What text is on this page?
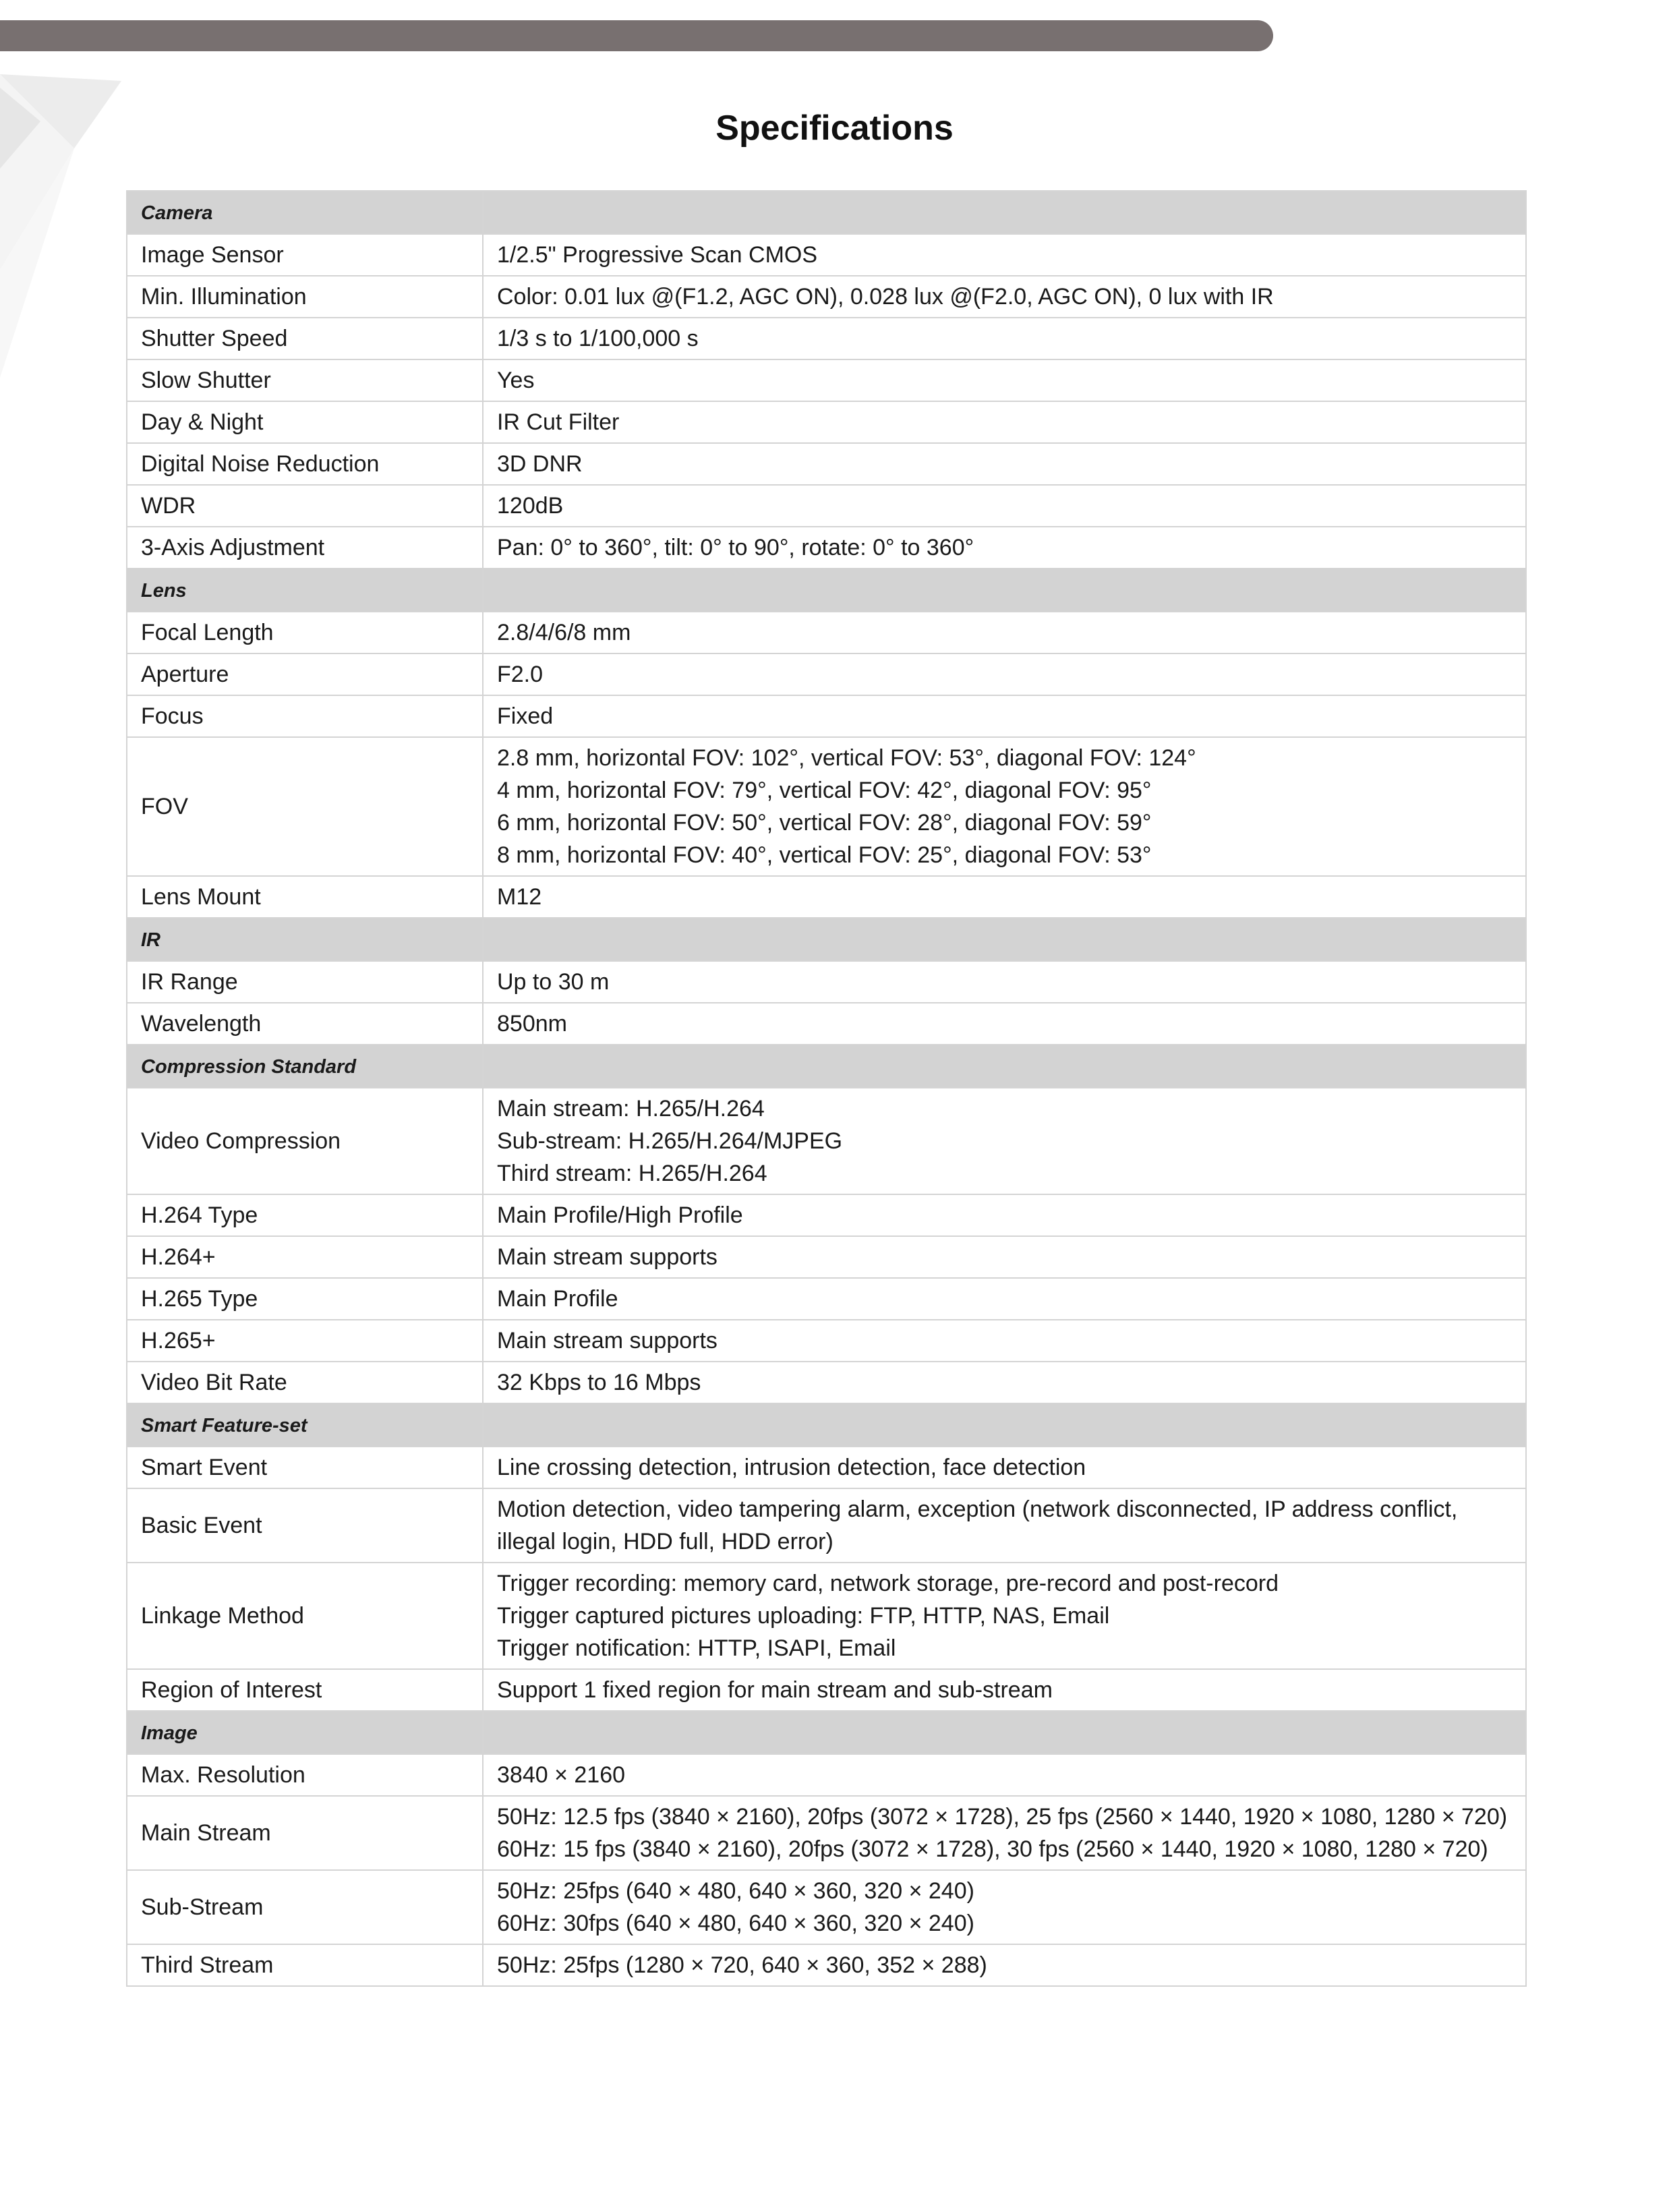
Specifications
Camera	
Image Sensor	1/2.5" Progressive Scan CMOS

Min. Illumination	Color: 0.01 lux @(F1.2, AGC ON), 0.028 lux @(F2.0, AGC ON), 0 lux with IR

Shutter Speed	1/3 s to 1/100,000 s

Slow Shutter	Yes

Day & Night	IR Cut Filter

Digital Noise Reduction	3D DNR

WDR	120dB

3-Axis Adjustment	Pan: 0° to 360°, tilt: 0° to 90°, rotate: 0° to 360°

Lens	
Focal Length	2.8/4/6/8 mm

Aperture	F2.0

Focus	Fixed

FOV	2.8 mm, horizontal FOV: 102°, vertical FOV: 53°, diagonal FOV: 124°
4 mm, horizontal FOV: 79°, vertical FOV: 42°, diagonal FOV: 95°
6 mm, horizontal FOV: 50°, vertical FOV: 28°, diagonal FOV: 59°
8 mm, horizontal FOV: 40°, vertical FOV: 25°, diagonal FOV: 53°

Lens Mount	M12

IR	
IR Range	Up to 30 m

Wavelength	850nm

Compression Standard	
Video Compression	Main stream: H.265/H.264
Sub-stream: H.265/H.264/MJPEG
Third stream: H.265/H.264

H.264 Type	Main Profile/High Profile

H.264+	Main stream supports

H.265 Type	Main Profile

H.265+	Main stream supports

Video Bit Rate	32 Kbps to 16 Mbps

Smart Feature-set	
Smart Event	Line crossing detection, intrusion detection, face detection

Basic Event	Motion detection, video tampering alarm, exception (network disconnected, IP address conflict,
illegal login, HDD full, HDD error)

Linkage Method	Trigger recording: memory card, network storage, pre-record and post-record
Trigger captured pictures uploading: FTP, HTTP, NAS, Email
Trigger notification: HTTP, ISAPI, Email

Region of Interest	Support 1 fixed region for main stream and sub-stream

Image	
Max. Resolution	3840 × 2160

Main Stream	50Hz: 12.5 fps (3840 × 2160), 20fps (3072 × 1728), 25 fps (2560 × 1440, 1920 × 1080, 1280 × 720)
60Hz: 15 fps (3840 × 2160), 20fps (3072 × 1728), 30 fps (2560 × 1440, 1920 × 1080, 1280 × 720)

Sub-Stream	50Hz: 25fps (640 × 480, 640 × 360, 320 × 240)
60Hz: 30fps (640 × 480, 640 × 360, 320 × 240)

Third Stream	50Hz: 25fps (1280 × 720, 640 × 360, 352 × 288)
